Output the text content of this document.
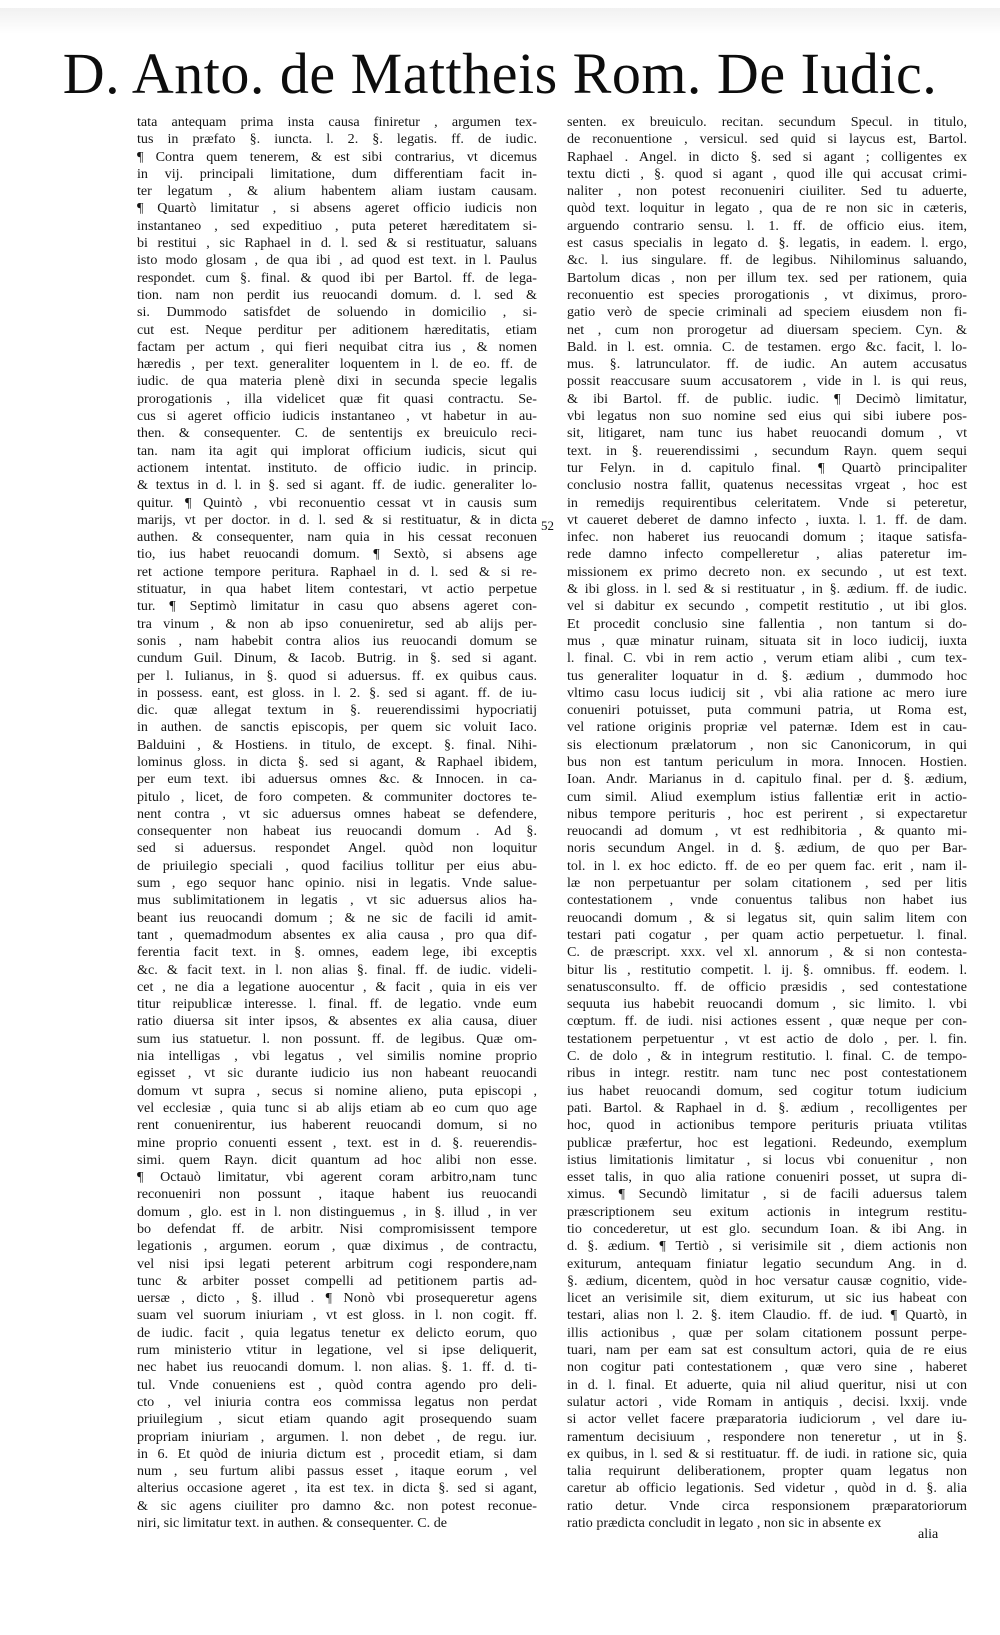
D. Anto. de Mattheis Rom. De Iudic.
tata antequam prima insta causa finiretur , argumen tex-
tus in præfato §. iuncta. l. 2. §. legatis. ff. de iudic.
¶ Contra quem tenerem, & est sibi contrarius, vt dicemus
in vij. principali limitatione, dum differentiam facit in-
ter legatum , & alium habentem aliam iustam causam.
¶ Quartò limitatur , si absens ageret officio iudicis non
instantaneo , sed expeditiuo , puta peteret hæreditatem si-
bi restitui , sic Raphael in d. l. sed & si restituatur, saluans
isto modo glosam , de qua ibi , ad quod est text. in l. Paulus
respondet. cum §. final. & quod ibi per Bartol. ff. de lega-
tion. nam non perdit ius reuocandi domum. d. l. sed &
si. Dummodo satisfdet de soluendo in domicilio , si-
cut est. Neque perditur per aditionem hæreditatis, etiam
factam per actum , qui fieri nequibat citra ius , & nomen
hæredis , per text. generaliter loquentem in l. de eo. ff. de
iudic. de qua materia plenè dixi in secunda specie legalis
prorogationis , illa videlicet quæ fit quasi contractu. Se-
cus si ageret officio iudicis instantaneo , vt habetur in au-
then. & consequenter. C. de sententijs ex breuiculo reci-
tan. nam ita agit qui implorat officium iudicis, sicut qui
actionem intentat. instituto. de officio iudic. in princip.
& textus in d. l. in §. sed si agant. ff. de iudic. generaliter lo-
quitur. ¶ Quintò , vbi reconuentio cessat vt in causis sum
marijs, vt per doctor. in d. l. sed & si restituatur, & in dicta
authen. & consequenter, nam quia in his cessat reconuen
tio, ius habet reuocandi domum. ¶ Sextò, si absens age
ret actione tempore peritura. Raphael in d. l. sed & si re-
stituatur, in qua habet litem contestari, vt actio perpetue
tur. ¶ Septimò limitatur in casu quo absens ageret con-
tra vinum , & non ab ipso conueniretur, sed ab alijs per-
sonis , nam habebit contra alios ius reuocandi domum se
cundum Guil. Dinum, & Iacob. Butrig. in §. sed si agant.
per l. Iulianus, in §. quod si aduersus. ff. ex quibus caus.
in possess. eant, est gloss. in l. 2. §. sed si agant. ff. de iu-
dic. quæ allegat textum in §. reuerendissimi hypocriatij
in authen. de sanctis episcopis, per quem sic voluit Iaco.
Balduini , & Hostiens. in titulo, de except. §. final. Nihi-
lominus gloss. in dicta §. sed si agant, & Raphael ibidem,
per eum text. ibi aduersus omnes &c. & Innocen. in ca-
pitulo , licet, de foro competen. & communiter doctores te-
nent contra , vt sic aduersus omnes habeat se defendere,
consequenter non habeat ius reuocandi domum . Ad §.
sed si aduersus. respondet Angel. quòd non loquitur
de priuilegio speciali , quod facilius tollitur per eius abu-
sum , ego sequor hanc opinio. nisi in legatis. Vnde salue-
mus sublimitationem in legatis , vt sic aduersus alios ha-
beant ius reuocandi domum ; & ne sic de facili id amit-
tant , quemadmodum absentes ex alia causa , pro qua dif-
ferentia facit text. in §. omnes, eadem lege, ibi exceptis
&c. & facit text. in l. non alias §. final. ff. de iudic. videli-
cet , ne dia a legatione auocentur , & facit , quia in eis ver
titur reipublicæ interesse. l. final. ff. de legatio. vnde eum
ratio diuersa sit inter ipsos, & absentes ex alia causa, diuer
sum ius statuetur. l. non possunt. ff. de legibus. Quæ om-
nia intelligas , vbi legatus , vel similis nomine proprio
egisset , vt sic durante iudicio ius non habeant reuocandi
domum vt supra , secus si nomine alieno, puta episcopi ,
vel ecclesiæ , quia tunc si ab alijs etiam ab eo cum quo age
rent conuenirentur, ius haberent reuocandi domum, si no
mine proprio conuenti essent , text. est in d. §. reuerendis-
simi. quem Rayn. dicit quantum ad hoc alibi non esse.
¶ Octauò limitatur, vbi agerent coram arbitro,nam tunc
reconueniri non possunt , itaque habent ius reuocandi
domum , glo. est in l. non distinguemus , in §. illud , in ver
bo defendat ff. de arbitr. Nisi compromisissent tempore
legationis , argumen. eorum , quæ diximus , de contractu,
vel nisi ipsi legati peterent arbitrum cogi respondere,nam
tunc & arbiter posset compelli ad petitionem partis ad-
uersæ , dicto , §. illud . ¶ Nonò vbi prosequeretur agens
suam vel suorum iniuriam , vt est gloss. in l. non cogit. ff.
de iudic. facit , quia legatus tenetur ex delicto eorum, quo
rum ministerio vtitur in legatione, vel si ipse deliquerit,
nec habet ius reuocandi domum. l. non alias. §. 1. ff. d. ti-
tul. Vnde conueniens est , quòd contra agendo pro deli-
cto , vel iniuria contra eos commissa legatus non perdat
priuilegium , sicut etiam quando agit prosequendo suam
propriam iniuriam , argumen. l. non debet , de regu. iur.
in 6. Et quòd de iniuria dictum est , procedit etiam, si dam
num , seu furtum alibi passus esset , itaque eorum , vel
alterius occasione ageret , ita est tex. in dicta §. sed si agant,
& sic agens ciuiliter pro damno &c. non potest reconue-
niri, sic limitatur text. in authen. & consequenter. C. de
senten. ex breuiculo. recitan. secundum Specul. in titulo,
de reconuentione , versicul. sed quid si laycus est, Bartol.
Raphael . Angel. in dicto §. sed si agant ; colligentes ex
textu dicti , §. quod si agant , quod ille qui accusat crimi-
naliter , non potest reconueniri ciuiliter. Sed tu aduerte,
quòd text. loquitur in legato , qua de re non sic in cæteris,
arguendo contrario sensu. l. 1. ff. de officio eius. item,
est casus specialis in legato d. §. legatis, in eadem. l. ergo,
&c. l. ius singulare. ff. de legibus. Nihilominus saluando,
Bartolum dicas , non per illum tex. sed per rationem, quia
reconuentio est species prorogationis , vt diximus, proro-
gatio verò de specie criminali ad speciem eiusdem non fi-
net , cum non prorogetur ad diuersam speciem. Cyn. &
Bald. in l. est. omnia. C. de testamen. ergo &c. facit, l. lo-
mus. §. latrunculator. ff. de iudic. An autem accusatus
possit reaccusare suum accusatorem , vide in l. is qui reus,
& ibi Bartol. ff. de public. iudic. ¶ Decimò limitatur,
vbi legatus non suo nomine sed eius qui sibi iubere pos-
sit, litigaret, nam tunc ius habet reuocandi domum , vt
text. in §. reuerendissimi , secundum Rayn. quem sequi
tur Felyn. in d. capitulo final. ¶ Quartò principaliter
conclusio nostra fallit, quatenus necessitas vrgeat , hoc est
in remedijs requirentibus celeritatem. Vnde si peteretur,
vt caueret deberet de damno infecto , iuxta. l. 1. ff. de dam.
infec. non haberet ius reuocandi domum ; itaque satisfa-
rede damno infecto compelleretur , alias pateretur im-
missionem ex primo decreto non. ex secundo , ut est text.
& ibi gloss. in l. sed & si restituatur , in §. ædium. ff. de iudic.
vel si dabitur ex secundo , competit restitutio , ut ibi glos.
Et procedit conclusio sine fallentia , non tantum si do-
mus , quæ minatur ruinam, situata sit in loco iudicij, iuxta
l. final. C. vbi in rem actio , verum etiam alibi , cum tex-
tus generaliter loquatur in d. §. ædium , dummodo hoc
vltimo casu locus iudicij sit , vbi alia ratione ac mero iure
conueniri potuisset, puta communi patria, ut Roma est,
vel ratione originis propriæ vel paternæ. Idem est in cau-
sis electionum prælatorum , non sic Canonicorum, in qui
bus non est tantum periculum in mora. Innocen. Hostien.
Ioan. Andr. Marianus in d. capitulo final. per d. §. ædium,
cum simil. Aliud exemplum istius fallentiæ erit in actio-
nibus tempore perituris , hoc est perirent , si expectaretur
reuocandi ad domum , vt est redhibitoria , & quanto mi-
noris secundum Angel. in d. §. ædium, de quo per Bar-
tol. in l. ex hoc edicto. ff. de eo per quem fac. erit , nam il-
læ non perpetuantur per solam citationem , sed per litis
contestationem , vnde conuentus talibus non habet ius
reuocandi domum , & si legatus sit, quin salim litem con
testari pati cogatur , per quam actio perpetuetur. l. final.
C. de præscript. xxx. vel xl. annorum , & si non contesta-
bitur lis , restitutio competit. l. ij. §. omnibus. ff. eodem. l.
senatusconsulto. ff. de officio præsidis , sed contestatione
sequuta ius habebit reuocandi domum , sic limito. l. vbi
cœptum. ff. de iudi. nisi actiones essent , quæ neque per con-
testationem perpetuentur , vt est actio de dolo , per. l. fin.
C. de dolo , & in integrum restitutio. l. final. C. de tempo-
ribus in integr. restitr. nam tunc nec post contestationem
ius habet reuocandi domum, sed cogitur totum iudicium
pati. Bartol. & Raphael in d. §. ædium , recolligentes per
hoc, quod in actionibus tempore perituris priuata vtilitas
publicæ præfertur, hoc est legationi. Redeundo, exemplum
istius limitationis limitatur , si locus vbi conuenitur , non
esset talis, in quo alia ratione conueniri posset, ut supra di-
ximus. ¶ Secundò limitatur , si de facili aduersus talem
præscriptionem seu exitum actionis in integrum restitu-
tio concederetur, ut est glo. secundum Ioan. & ibi Ang. in
d. §. ædium. ¶ Tertiò , si verisimile sit , diem actionis non
exiturum, antequam finiatur legatio secundum Ang. in d.
§. ædium, dicentem, quòd in hoc versatur causæ cognitio, vide-
licet an verisimile sit, diem exiturum, ut sic ius habeat con
testari, alias non l. 2. §. item Claudio. ff. de iud. ¶ Quartò, in
illis actionibus , quæ per solam citationem possunt perpe-
tuari, nam per eam sat est consultum actori, quia de re eius
non cogitur pati contestationem , quæ vero sine , haberet
in d. l. final. Et aduerte, quia nil aliud queritur, nisi ut con
sulatur actori , vide Romam in antiquis , decisi. lxxij. vnde
si actor vellet facere præparatoria iudiciorum , vel dare iu-
ramentum decisiuum , respondere non teneretur , ut in §.
ex quibus, in l. sed & si restituatur. ff. de iudi. in ratione sic, quia
talia requirunt deliberationem, propter quam legatus non
caretur ab officio legationis. Sed videtur , quòd in d. §. alia
ratio detur. Vnde circa responsionem præparatoriorum
ratio prædicta concludit in legato , non sic in absente ex
52
alia
